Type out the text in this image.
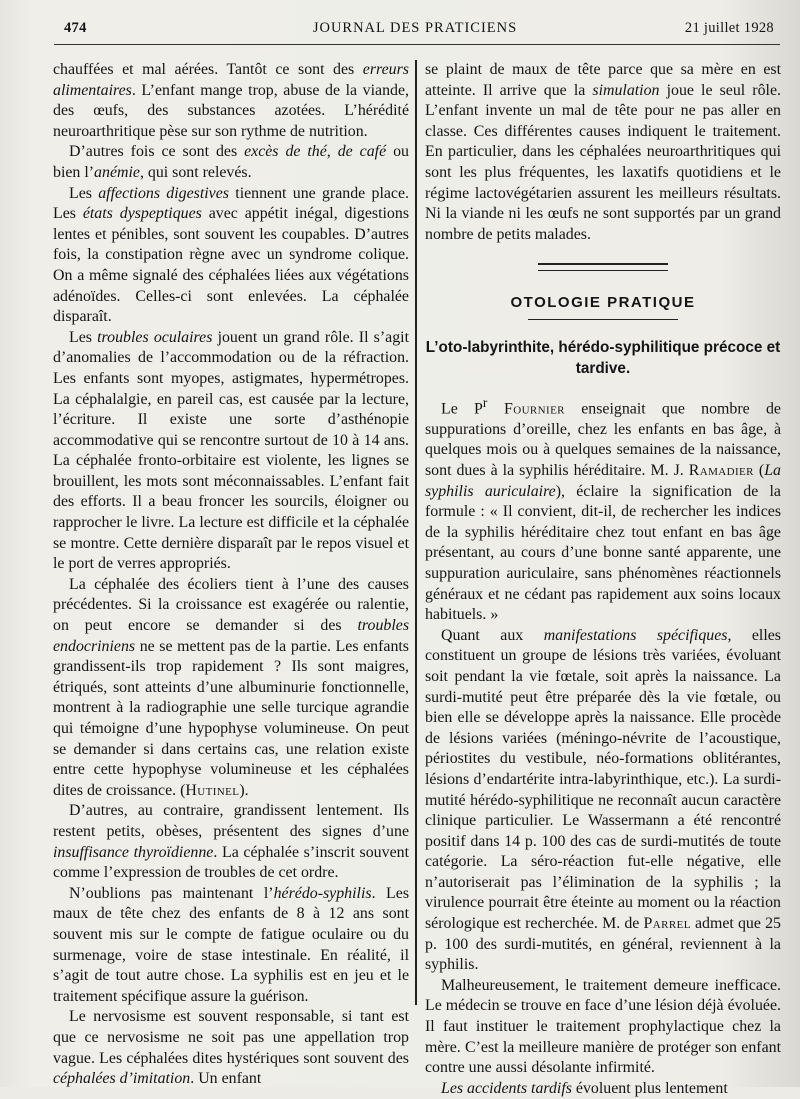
474	JOURNAL DES PRATICIENS	21 juillet 1928

chauffées et mal aérées. Tantôt ce sont des erreurs alimentaires. L’enfant mange trop, abuse de la viande, des œufs, des substances azotées. L’hérédité neuroarthritique pèse sur son rythme de nutrition.

D’autres fois ce sont des excès de thé, de café ou bien l’anémie, qui sont relevés.

Les affections digestives tiennent une grande place. Les états dyspeptiques avec appétit inégal, digestions lentes et pénibles, sont souvent les coupables. D’autres fois, la constipation règne avec un syndrome colique. On a même signalé des céphalées liées aux végétations adénoïdes. Celles-ci sont enlevées. La céphalée disparaît.

Les troubles oculaires jouent un grand rôle. Il s’agit d’anomalies de l’accommodation ou de la réfraction. Les enfants sont myopes, astigmates, hypermétropes. La céphalalgie, en pareil cas, est causée par la lecture, l’écriture. Il existe une sorte d’asthénopie accommodative qui se rencontre surtout de 10 à 14 ans. La céphalée fronto-orbitaire est violente, les lignes se brouillent, les mots sont méconnaissables. L’enfant fait des efforts. Il a beau froncer les sourcils, éloigner ou rapprocher le livre. La lecture est difficile et la céphalée se montre. Cette dernière disparaît par le repos visuel et le port de verres appropriés.

La céphalée des écoliers tient à l’une des causes précédentes. Si la croissance est exagérée ou ralentie, on peut encore se demander si des troubles endocriniens ne se mettent pas de la partie. Les enfants grandissent-ils trop rapidement ? Ils sont maigres, étriqués, sont atteints d’une albuminurie fonctionnelle, montrent à la radiographie une selle turcique agrandie qui témoigne d’une hypophyse volumineuse. On peut se demander si dans certains cas, une relation existe entre cette hypophyse volumineuse et les céphalées dites de croissance. (Hutinel).

D’autres, au contraire, grandissent lentement. Ils restent petits, obèses, présentent des signes d’une insuffisance thyroïdienne. La céphalée s’inscrit souvent comme l’expression de troubles de cet ordre.

N’oublions pas maintenant l’hérédo-syphilis. Les maux de tête chez des enfants de 8 à 12 ans sont souvent mis sur le compte de fatigue oculaire ou du surmenage, voire de stase intestinale. En réalité, il s’agit de tout autre chose. La syphilis est en jeu et le traitement spécifique assure la guérison.

Le nervosisme est souvent responsable, si tant est que ce nervosisme ne soit pas une appellation trop vague. Les céphalées dites hystériques sont souvent des céphalées d’imitation. Un enfant

se plaint de maux de tête parce que sa mère en est atteinte. Il arrive que la simulation joue le seul rôle. L’enfant invente un mal de tête pour ne pas aller en classe. Ces différentes causes indiquent le traitement. En particulier, dans les céphalées neuroarthritiques qui sont les plus fréquentes, les laxatifs quotidiens et le régime lactovégétarien assurent les meilleurs résultats. Ni la viande ni les œufs ne sont supportés par un grand nombre de petits malades.

OTOLOGIE PRATIQUE
L’oto-labyrinthite, hérédo-syphilitique précoce et tardive.

Le $P^r$ Fournier enseignait que nombre de suppurations d’oreille, chez les enfants en bas âge, à quelques mois ou à quelques semaines de la naissance, sont dues à la syphilis héréditaire. M. J. Ramadier (La syphilis auriculaire), éclaire la signification de la formule : « Il convient, dit-il, de rechercher les indices de la syphilis héréditaire chez tout enfant en bas âge présentant, au cours d’une bonne santé apparente, une suppuration auriculaire, sans phénomènes réactionnels généraux et ne cédant pas rapidement aux soins locaux habituels. »

Quant aux manifestations spécifiques, elles constituent un groupe de lésions très variées, évoluant soit pendant la vie fœtale, soit après la naissance. La surdi-mutité peut être préparée dès la vie fœtale, ou bien elle se développe après la naissance. Elle procède de lésions variées (méningo-névrite de l’acoustique, périostites du vestibule, néo-formations oblitérantes, lésions d’endartérite intra-labyrinthique, etc.). La surdi-mutité hérédo-syphilitique ne reconnaît aucun caractère clinique particulier. Le Wassermann a été rencontré positif dans 14 p. 100 des cas de surdi-mutités de toute catégorie. La séro-réaction fut-elle négative, elle n’autoriserait pas l’élimination de la syphilis ; la virulence pourrait être éteinte au moment ou la réaction sérologique est recherchée. M. de Parrel admet que 25 p. 100 des surdi-mutités, en général, reviennent à la syphilis.

Malheureusement, le traitement demeure inefficace. Le médecin se trouve en face d’une lésion déjà évoluée. Il faut instituer le traitement prophylactique chez la mère. C’est la meilleure manière de protéger son enfant contre une aussi désolante infirmité.

Les accidents tardifs évoluent plus lentement
